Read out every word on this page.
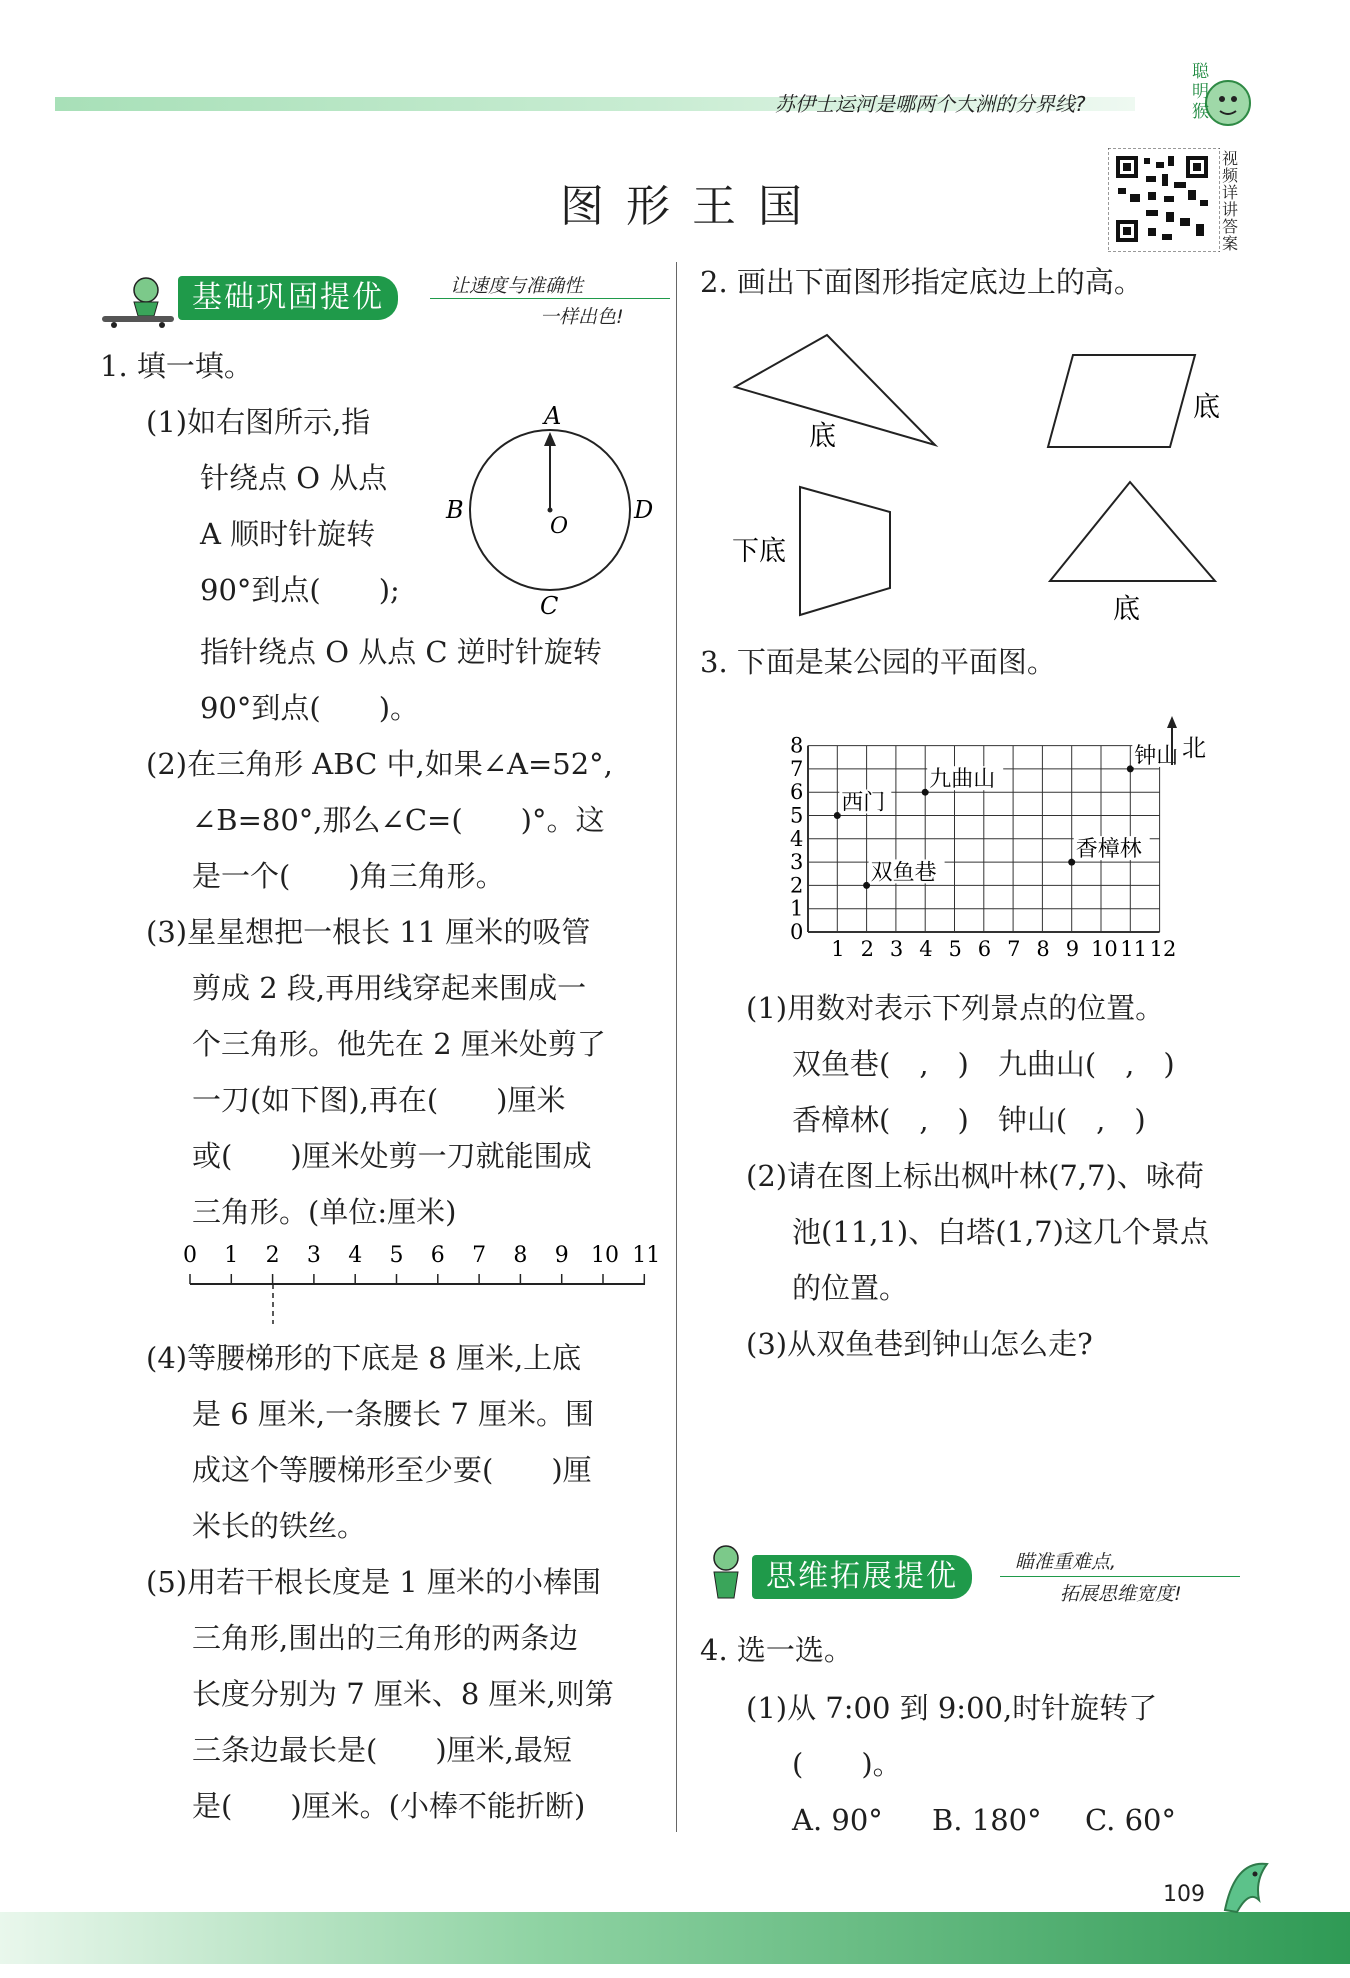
苏伊士运河是哪两个大洲的分界线?
聪明猴
图形王国
视频详讲答案
基础巩固提优	让速度与准确性
一样出色!
1. 填一填。
(1)如右图所示,指
针绕点 O 从点
A 顺时针旋转
90°到点(　　);
指针绕点 O 从点 C 逆时针旋转
90°到点(　　)。
A
B	D
C
O
(2)在三角形 ABC 中,如果∠A=52°,
∠B=80°,那么∠C=(　　)°。这
是一个(　　)角三角形。
(3)星星想把一根长 11 厘米的吸管
剪成 2 段,再用线穿起来围成一
个三角形。他先在 2 厘米处剪了
一刀(如下图),再在(　　)厘米
或(　　)厘米处剪一刀就能围成
三角形。(单位:厘米)
0 1 2 3 4 5 6 7 8 9 10 11
(4)等腰梯形的下底是 8 厘米,上底
是 6 厘米,一条腰长 7 厘米。围
成这个等腰梯形至少要(　　)厘
米长的铁丝。
(5)用若干根长度是 1 厘米的小棒围
三角形,围出的三角形的两条边
长度分别为 7 厘米、8 厘米,则第
三条边最长是(　　)厘米,最短
是(　　)厘米。(小棒不能折断)
2. 画出下面图形指定底边上的高。
底
底
下底
底
3. 下面是某公园的平面图。
1 2 3 4 5 6 7 8 9 10 11 12
0
1
2
3
4
5
6
7
8
九曲山
钟山
西门
香樟林
双鱼巷
北
(1)用数对表示下列景点的位置。
双鱼巷(　,　)　九曲山(　,　)
香樟林(　,　)　钟山(　,　)
(2)请在图上标出枫叶林(7,7)、咏荷
池(11,1)、白塔(1,7)这几个景点
的位置。
(3)从双鱼巷到钟山怎么走?
思维拓展提优	瞄准重难点,
拓展思维宽度!
4. 选一选。
(1)从 7:00 到 9:00,时针旋转了
(　　)。
A. 90° B. 180° C. 60°
109
